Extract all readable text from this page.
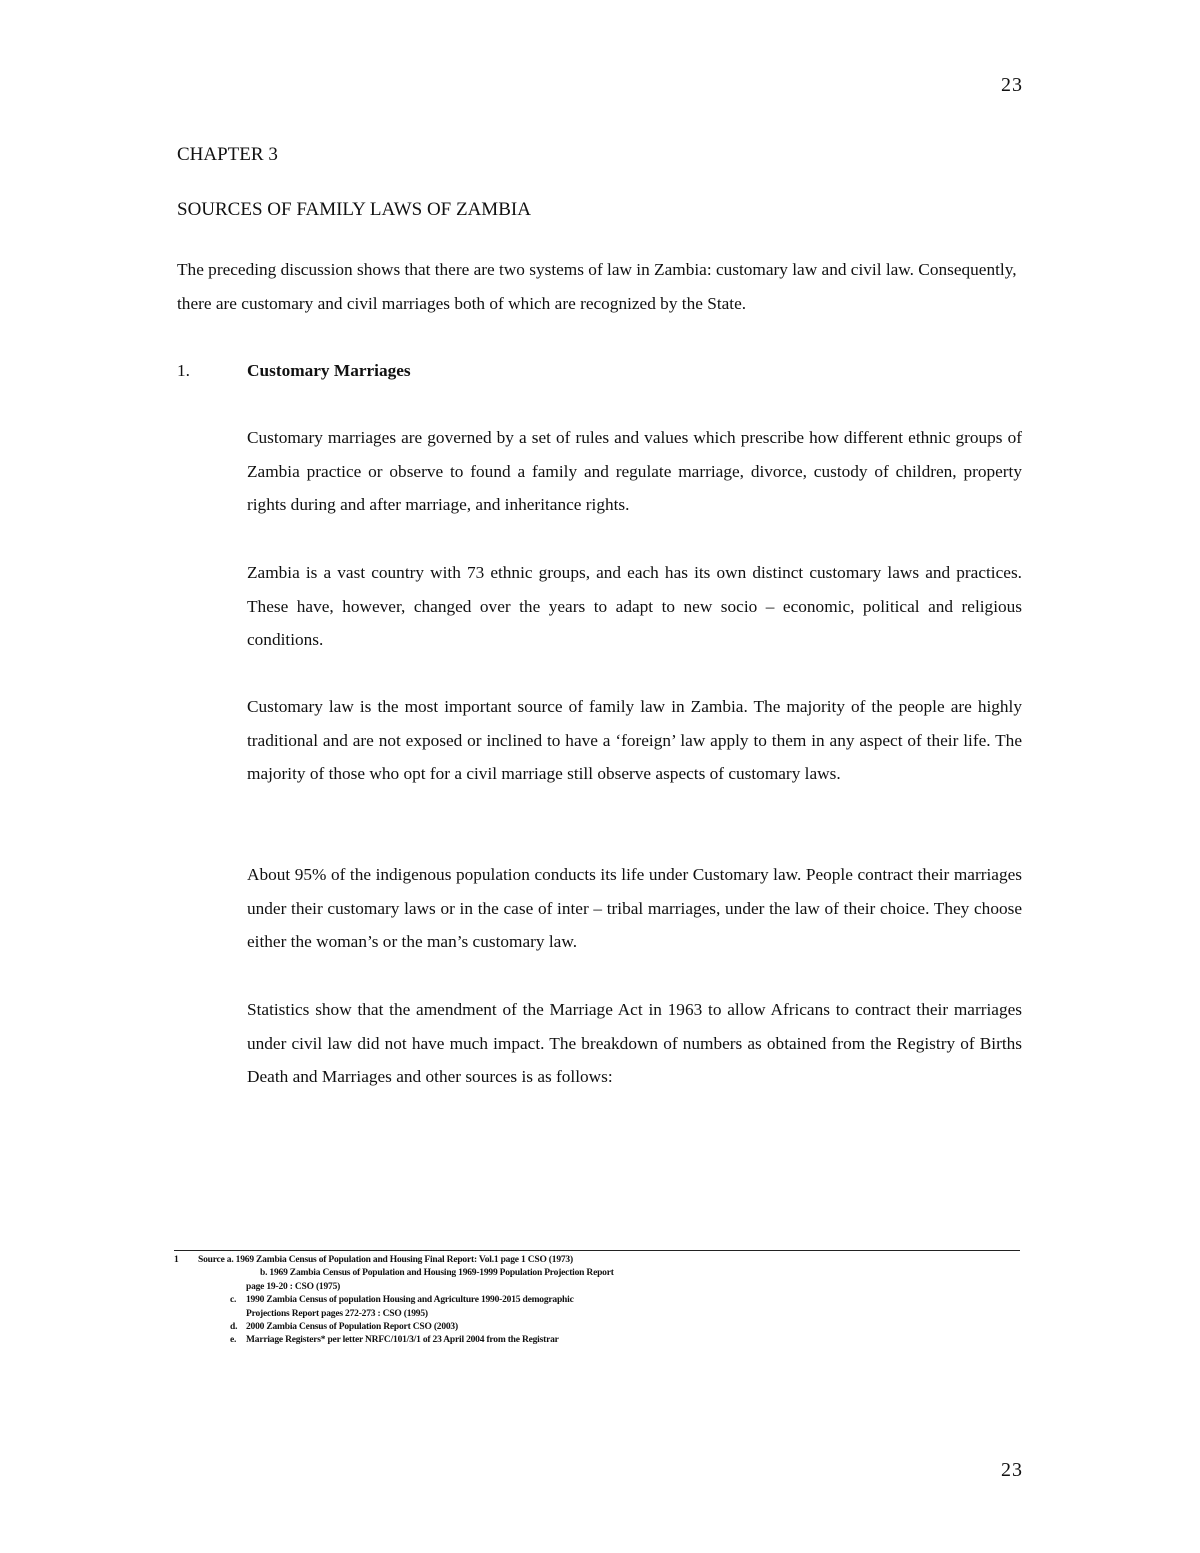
23
CHAPTER 3
SOURCES OF FAMILY LAWS OF ZAMBIA

The preceding discussion shows that there are two systems of law in Zambia: customary law and civil law. Consequently, there are customary and civil marriages both of which are recognized by the State.

1.	Customary Marriages

Customary marriages are governed by a set of rules and values which prescribe how different ethnic groups of Zambia practice or observe to found a family and regulate marriage, divorce, custody of children, property rights during and after marriage, and inheritance rights.

Zambia is a vast country with 73 ethnic groups, and each has its own distinct customary laws and practices. These have, however, changed over the years to adapt to new socio – economic, political and religious conditions.

Customary law is the most important source of family law in Zambia. The majority of the people are highly traditional and are not exposed or inclined to have a ‘foreign’ law apply to them in any aspect of their life. The majority of those who opt for a civil marriage still observe aspects of customary laws.

About 95% of the indigenous population conducts its life under Customary law. People contract their marriages under their customary laws or in the case of inter – tribal marriages, under the law of their choice. They choose either the woman’s or the man’s customary law.

Statistics show that the amendment of the Marriage Act in 1963 to allow Africans to contract their marriages under civil law did not have much impact. The breakdown of numbers as obtained from the Registry of Births Death and Marriages and other sources is as follows:

1 Source a. 1969 Zambia Census of Population and Housing Final Report: Vol.1 page 1 CSO (1973)
b. 1969 Zambia Census of Population and Housing 1969-1999 Population Projection Report
page 19-20 : CSO (1975)
c. 1990 Zambia Census of population Housing and Agriculture 1990-2015 demographic
Projections Report pages 272-273 : CSO (1995)
d. 2000 Zambia Census of Population Report CSO (2003)
e. Marriage Registers* per letter NRFC/101/3/1 of 23 April 2004 from the Registrar
23
